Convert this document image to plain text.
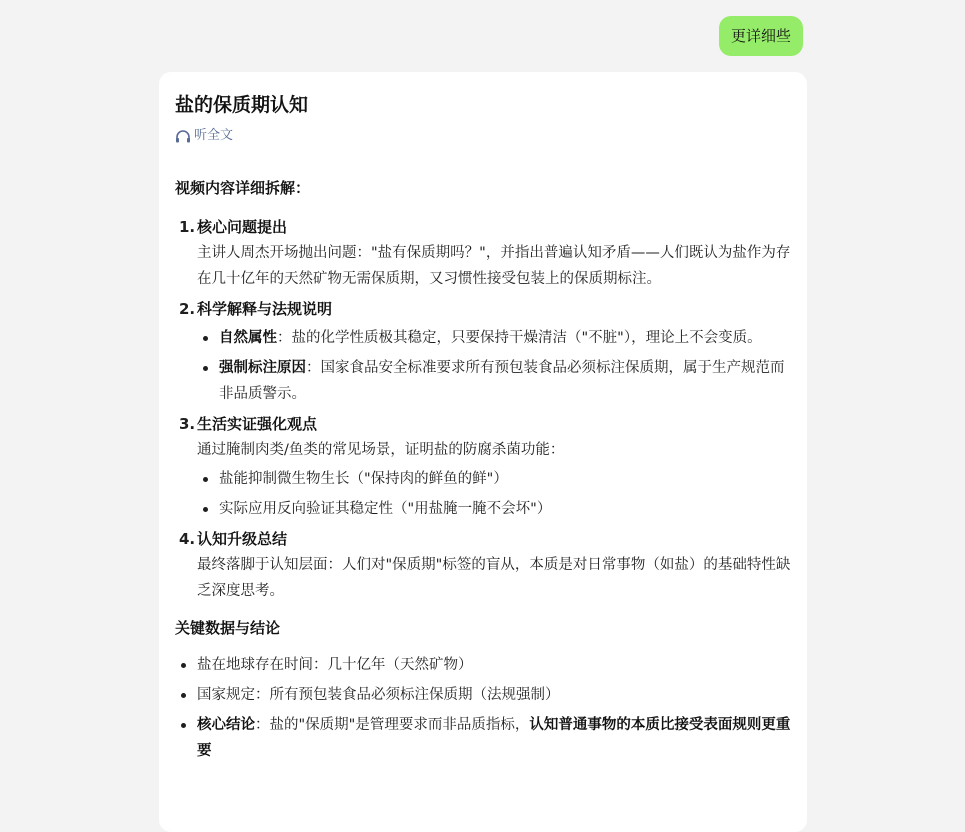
更详细些
盐的保质期认知
听全文
视频内容详细拆解：
1. 核心问题提出
主讲人周杰开场抛出问题："盐有保质期吗？"，并指出普遍认知矛盾——人们既认为盐作为存在几十亿年的天然矿物无需保质期，又习惯性接受包装上的保质期标注。
2. 科学解释与法规说明
自然属性：盐的化学性质极其稳定，只要保持干燥清洁（"不脏"），理论上不会变质。
强制标注原因：国家食品安全标准要求所有预包装食品必须标注保质期，属于生产规范而非品质警示。
3. 生活实证强化观点
通过腌制肉类/鱼类的常见场景，证明盐的防腐杀菌功能：
盐能抑制微生物生长（"保持肉的鲜鱼的鲜"）
实际应用反向验证其稳定性（"用盐腌一腌不会坏"）
4. 认知升级总结
最终落脚于认知层面：人们对"保质期"标签的盲从，本质是对日常事物（如盐）的基础特性缺乏深度思考。
关键数据与结论
盐在地球存在时间：几十亿年（天然矿物）
国家规定：所有预包装食品必须标注保质期（法规强制）
核心结论：盐的"保质期"是管理要求而非品质指标，认知普通事物的本质比接受表面规则更重要
